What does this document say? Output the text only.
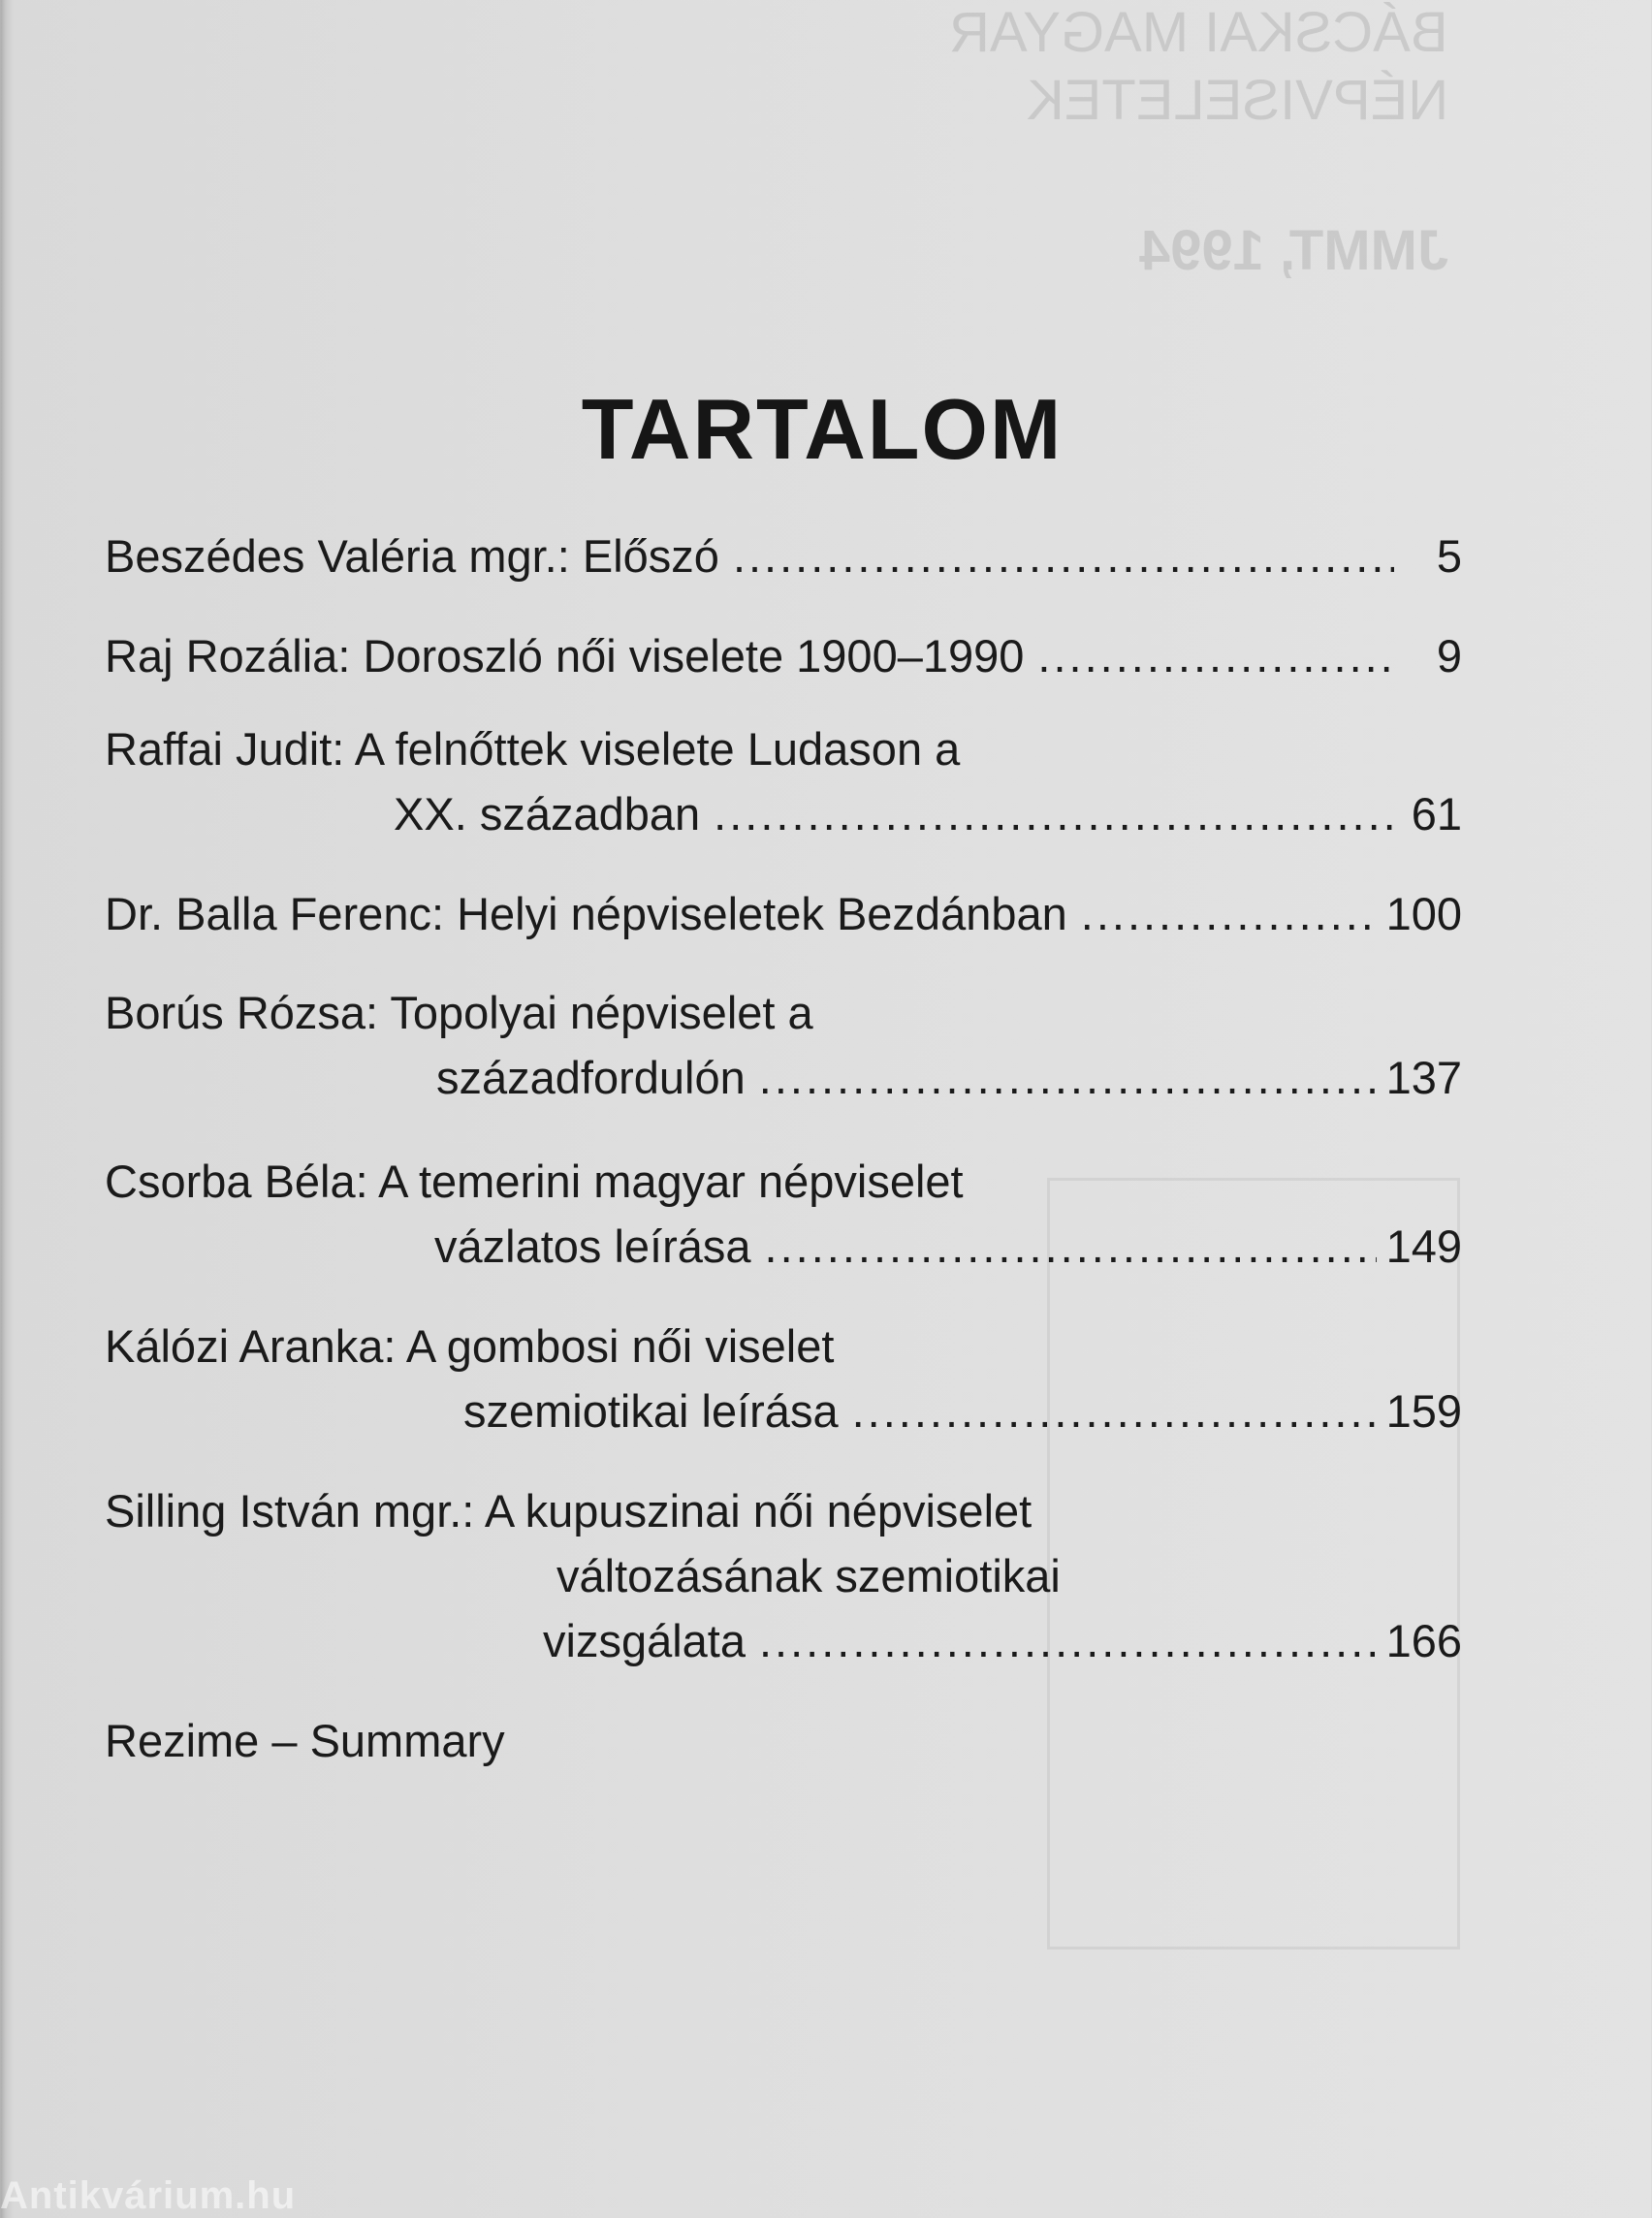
BÁCSKAI MAGYAR
NÉPVISELETEK
JMMT, 1994
TARTALOM
Beszédes Valéria mgr.: Előszó .....	5
Raj Rozália: Doroszló női viselete 1900–1990 .....	9
Raffai Judit: A felnőttek viselete Ludason a
XX. században .....	61
Dr. Balla Ferenc: Helyi népviseletek Bezdánban .....	100
Borús Rózsa: Topolyai népviselet a
századfordulón .....	137
Csorba Béla: A temerini magyar népviselet
vázlatos leírása .....	149
Kálózi Aranka: A gombosi női viselet
szemiotikai leírása .....	159
Silling István mgr.: A kupuszinai női népviselet
változásának szemiotikai
vizsgálata .....	166
Rezime – Summary
Antikvárium.hu
